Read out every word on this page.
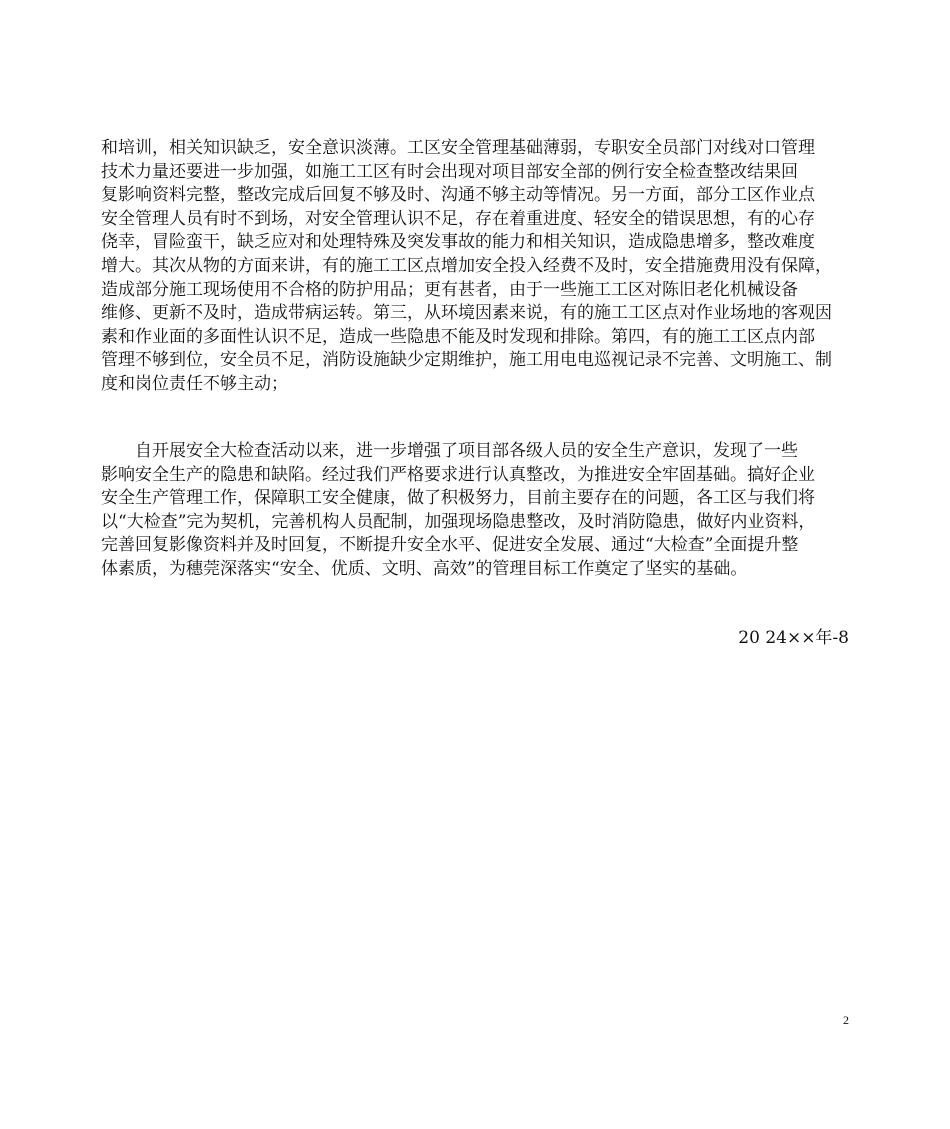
和培训，相关知识缺乏，安全意识淡薄。工区安全管理基础薄弱，专职安全员部门对线对口管理
技术力量还要进一步加强，如施工工区有时会出现对项目部安全部的例行安全检查整改结果回
复影响资料完整，整改完成后回复不够及时、沟通不够主动等情况。另一方面，部分工区作业点
安全管理人员有时不到场，对安全管理认识不足，存在着重进度、轻安全的错误思想，有的心存
侥幸，冒险蛮干，缺乏应对和处理特殊及突发事故的能力和相关知识，造成隐患增多，整改难度
增大。其次从物的方面来讲，有的施工工区点增加安全投入经费不及时，安全措施费用没有保障，
造成部分施工现场使用不合格的防护用品；更有甚者，由于一些施工工区对陈旧老化机械设备
维修、更新不及时，造成带病运转。第三，从环境因素来说，有的施工工区点对作业场地的客观因
素和作业面的多面性认识不足，造成一些隐患不能及时发现和排除。第四，有的施工工区点内部
管理不够到位，安全员不足，消防设施缺少定期维护，施工用电电巡视记录不完善、文明施工、制
度和岗位责任不够主动；
自开展安全大检查活动以来，进一步增强了项目部各级人员的安全生产意识，发现了一些
影响安全生产的隐患和缺陷。经过我们严格要求进行认真整改，为推进安全牢固基础。搞好企业
安全生产管理工作，保障职工安全健康，做了积极努力，目前主要存在的问题，各工区与我们将
以“大检查”完为契机，完善机构人员配制，加强现场隐患整改，及时消防隐患，做好内业资料，
完善回复影像资料并及时回复，不断提升安全水平、促进安全发展、通过“大检查”全面提升整
体素质，为穗莞深落实“安全、优质、文明、高效”的管理目标工作奠定了坚实的基础。
20 24××年-8
2
